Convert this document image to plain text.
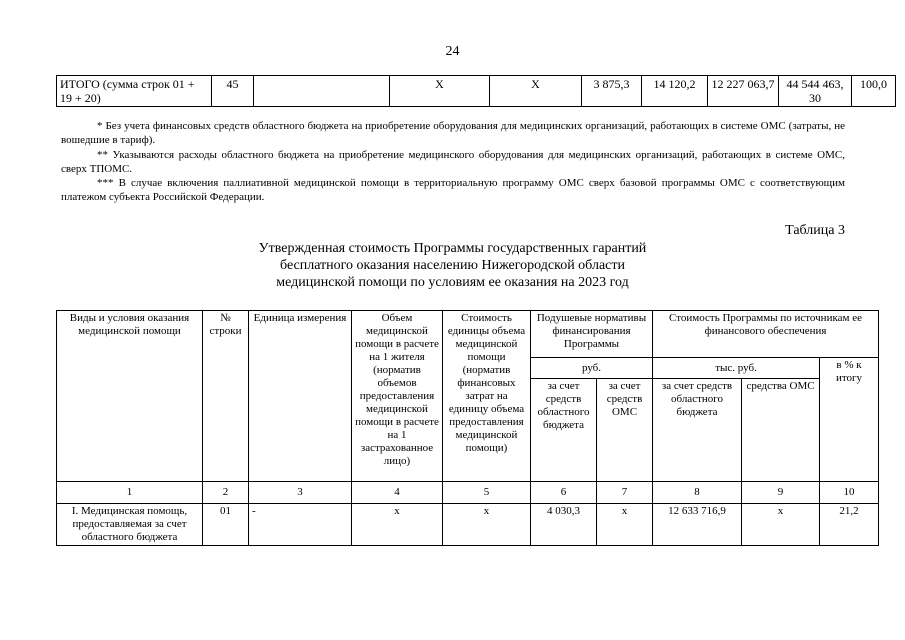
24
ИТОГО (сумма строк 01 + 19 + 20)	45		X	X	3 875,3	14 120,2	12 227 063,7	44 544 463, 30	100,0

* Без учета финансовых средств областного бюджета на приобретение оборудования для медицинских организаций, работающих в системе ОМС (затраты, не вошедшие в тариф).

** Указываются расходы областного бюджета на приобретение медицинского оборудования для медицинских организаций, работающих в системе ОМС, сверх ТПОМС.

*** В случае включения паллиативной медицинской помощи в территориальную программу ОМС сверх базовой программы ОМС с соответствующим платежом субъекта Российской Федерации.

Таблица 3
Утвержденная стоимость Программы государственных гарантий
бесплатного оказания населению Нижегородской области
медицинской помощи по условиям ее оказания на 2023 год
Виды и условия оказания медицинской помощи	№ строки	Единица измерения	Объем медицинской помощи в расчете на 1 жителя (норматив объемов предоставления медицинской помощи в расчете на 1 застрахованное лицо)	Стоимость единицы объема медицинской помощи (норматив финансовых затрат на единицу объема предоставления медицинской помощи)	Подушевые нормативы финансирования Программы		Стоимость Программы по источникам ее финансового обеспечения		
					руб.		тыс. руб.		в % к итогу
					за счет средств областного бюджета	за счет средств ОМС	за счет средств областного бюджета	средства ОМС	
1	2	3	4	5	6	7	8	9	10
I. Медицинская помощь, предоставляемая за счет областного бюджета	01	-	х	х	4 030,3	х	12 633 716,9	х	21,2
